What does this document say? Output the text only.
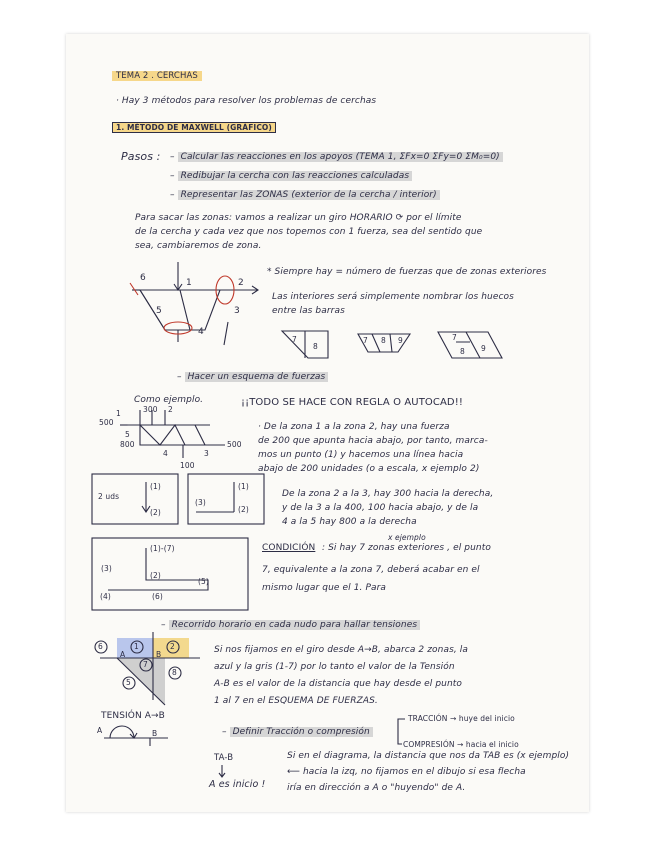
TEMA 2 . CERCHAS
· Hay 3 métodos para resolver los problemas de cerchas
1. MÉTODO DE MAXWELL (GRÁFICO)
Pasos : – Calcular las reacciones en los apoyos (TEMA 1, ΣFx=0 ΣFy=0 ΣM₀=0)
– Redibujar la cercha con las reacciones calculadas
– Representar las ZONAS (exterior de la cercha / interior)
Para sacar las zonas: vamos a realizar un giro HORARIO ⟳ por el límite
de la cercha y cada vez que nos topemos con 1 fuerza, sea del sentido que
sea, cambiaremos de zona.
6	1	2
5	3
4
* Siempre hay = número de fuerzas que de zonas exteriores
Las interiores será simplemente nombrar los huecos
entre las barras
7
8
7 8 9	7
8 9
– Hacer un esquema de fuerzas
Como ejemplo.	¡¡TODO SE HACE CON REGLA O AUTOCAD!!
500
300
800
100
500
1	2
5
4	3
· De la zona 1 a la zona 2, hay una fuerza
de 200 que apunta hacia abajo, por tanto, marca-
mos un punto (1) y hacemos una línea hacia
abajo de 200 unidades (o a escala, x ejemplo 2)
2 uds
(1)
(2)
(3)
(1)
(2)
(1)-(7)
(3)
(2)
(5)
(4)	(6)
De la zona 2 a la 3, hay 300 hacia la derecha,
y de la 3 a la 400, 100 hacia abajo, y de la
4 a la 5 hay 800 a la derecha
x ejemplo
CONDICIÓN : Si hay 7 zonas exteriores , el punto
7, equivalente a la zona 7, deberá acabar en el
mismo lugar que el 1. Para
– Recorrido horario en cada nudo para hallar tensiones
6
A
1
B
2
7
5
8
Si nos fijamos en el giro desde A→B, abarca 2 zonas, la
azul y la gris (1-7) por lo tanto el valor de la Tensión
A-B es el valor de la distancia que hay desde el punto
1 al 7 en el ESQUEMA DE FUERZAS.
TENSIÓN A→B
A	B	– Definir Tracción o compresión
TRACCIÓN → huye del inicio
COMPRESIÓN → hacia el inicio
TA-B
A es inicio !
Si en el diagrama, la distancia que nos da TAB es (x ejemplo)
⟵ hacia la izq, no fijamos en el dibujo si esa flecha
iría en dirección a A o "huyendo" de A.
